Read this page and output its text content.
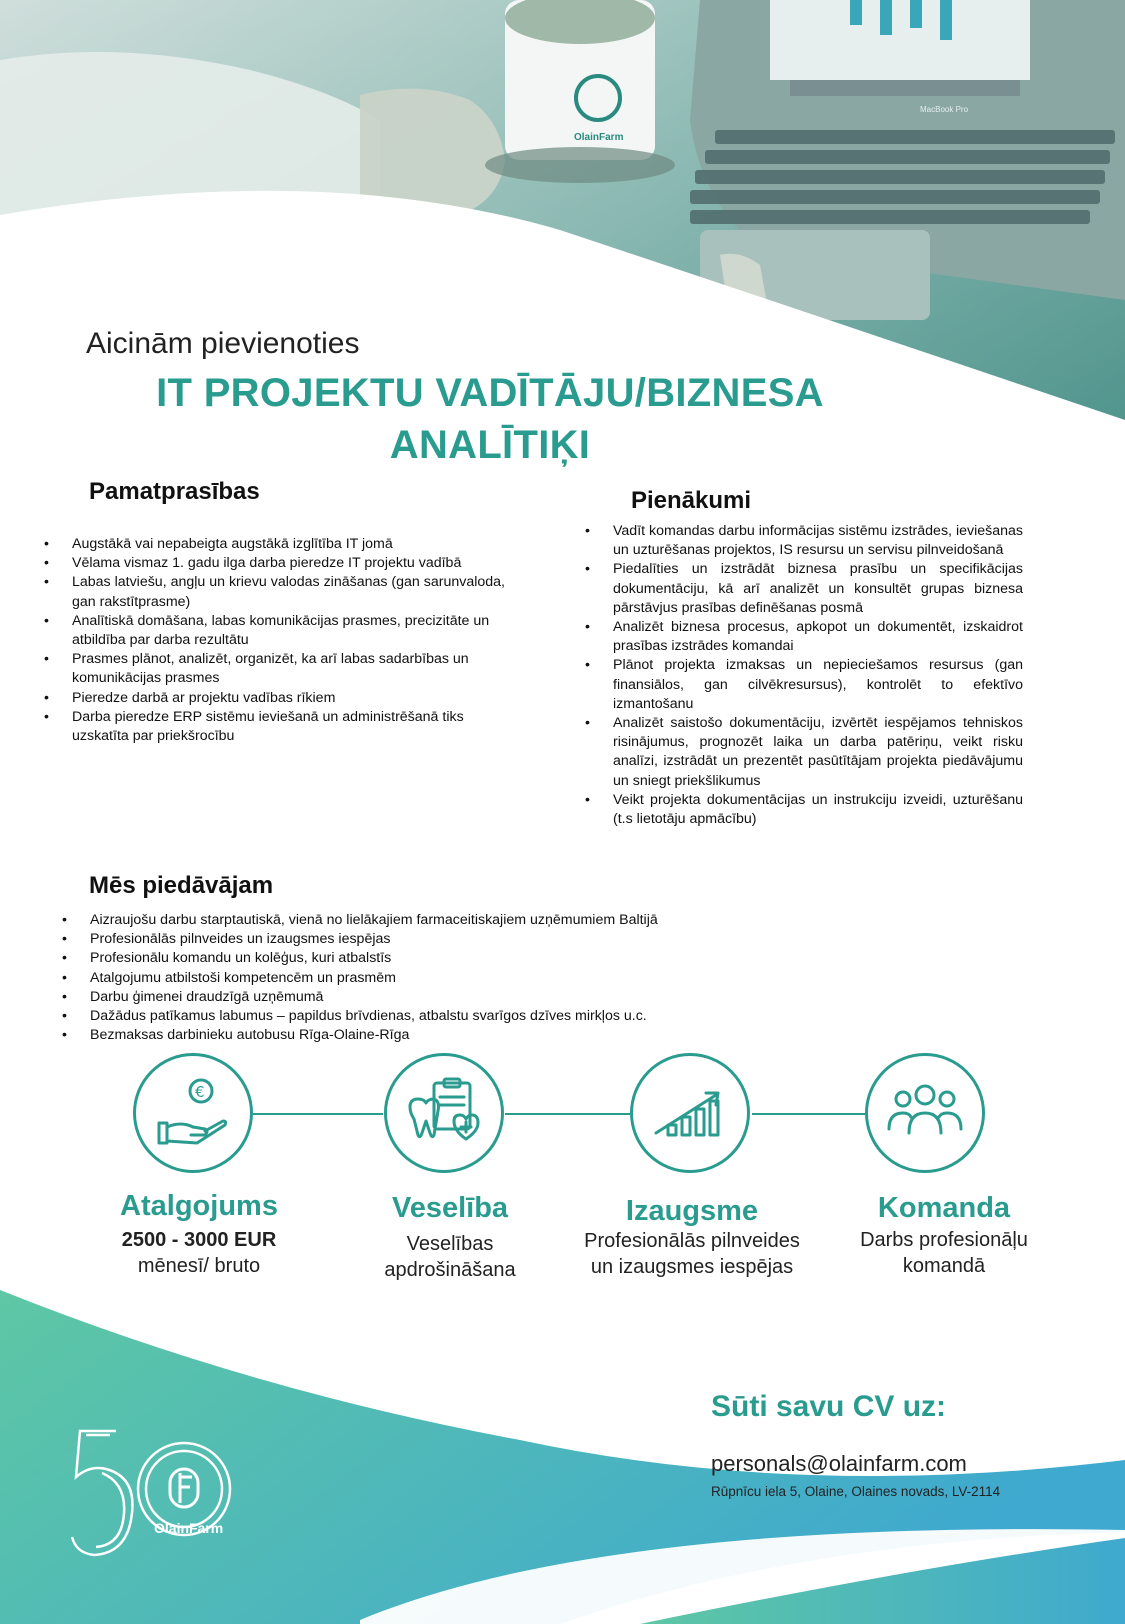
OlainFarm
MacBook Pro
Aicinām pievienoties
IT PROJEKTU VADĪTĀJU/BIZNESA
ANALĪTIĶI
Pamatprasības
• Augstākā vai nepabeigta augstākā izglītība IT jomā
• Vēlama vismaz 1. gadu ilga darba pieredze IT projektu vadībā
• Labas latviešu, angļu un krievu valodas zināšanas (gan sarunvaloda, gan rakstītprasme)
• Analītiskā domāšana, labas komunikācijas prasmes, precizitāte un atbildība par darba rezultātu
• Prasmes plānot, analizēt, organizēt, ka arī labas sadarbības un komunikācijas prasmes
• Pieredze darbā ar projektu vadības rīkiem
• Darba pieredze ERP sistēmu ieviešanā un administrēšanā tiks uzskatīta par priekšrocību
Pienākumi
• Vadīt komandas darbu informācijas sistēmu izstrādes, ieviešanas un uzturēšanas projektos, IS resursu un servisu pilnveidošanā
• Piedalīties un izstrādāt biznesa prasību un specifikācijas dokumentāciju, kā arī analizēt un konsultēt grupas biznesa pārstāvjus prasības definēšanas posmā
• Analizēt biznesa procesus, apkopot un dokumentēt, izskaidrot prasības izstrādes komandai
• Plānot projekta izmaksas un nepieciešamos resursus (gan finansiālos, gan cilvēkresursus), kontrolēt to efektīvo izmantošanu
• Analizēt saistošo dokumentāciju, izvērtēt iespējamos tehniskos risinājumus, prognozēt laika un darba patēriņu, veikt risku analīzi, izstrādāt un prezentēt pasūtītājam projekta piedāvājumu un sniegt priekšlikumus
• Veikt projekta dokumentācijas un instrukciju izveidi, uzturēšanu (t.s lietotāju apmācību)
Mēs piedāvājam
• Aizraujošu darbu starptautiskā, vienā no lielākajiem farmaceitiskajiem uzņēmumiem Baltijā
• Profesionālās pilnveides un izaugsmes iespējas
• Profesionālu komandu un kolēģus, kuri atbalstīs
• Atalgojumu atbilstoši kompetencēm un prasmēm
• Darbu ģimenei draudzīgā uzņēmumā
• Dažādus patīkamus labumus – papildus brīvdienas, atbalstu svarīgos dzīves mirkļos u.c.
• Bezmaksas darbinieku autobusu Rīga-Olaine-Rīga
€
Atalgojums
2500 - 3000 EUR
mēnesī/ bruto
Veselība
Veselības
apdrošināšana
Izaugsme
Profesionālās pilnveides
un izaugsmes iespējas
Komanda
Darbs profesionāļu
komandā
Sūti savu CV uz:
personals@olainfarm.com
Rūpnīcu iela 5, Olaine, Olaines novads, LV-2114
OlainFarm
